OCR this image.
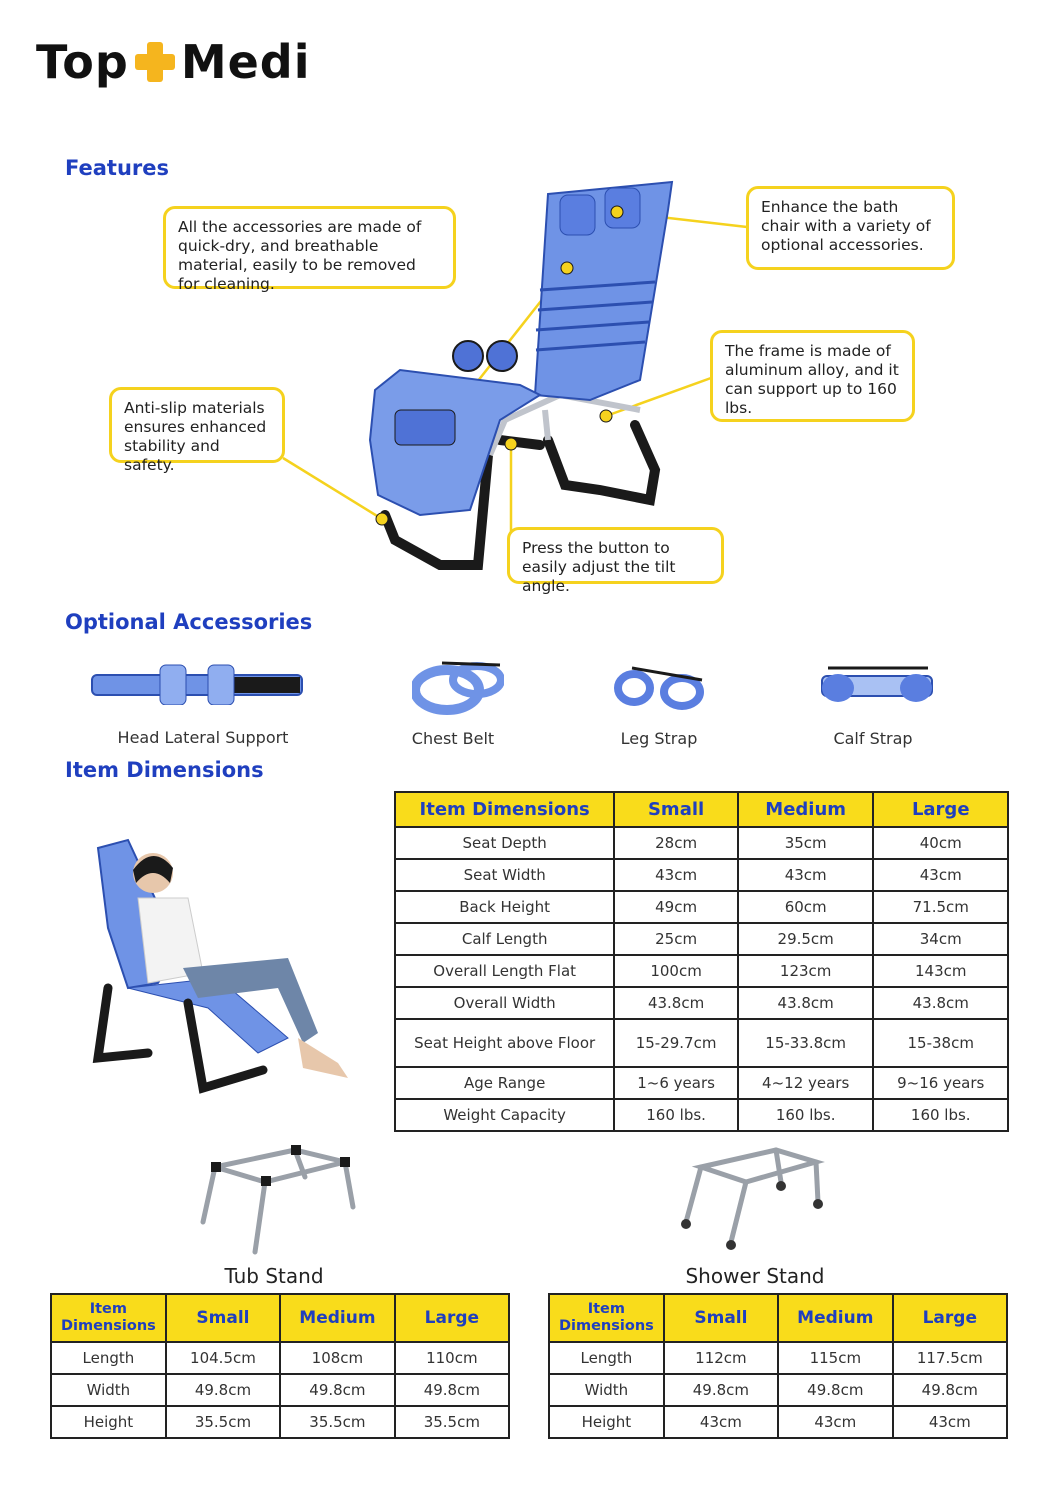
Top Medi
Features
All the accessories are made of quick-dry, and breathable material, easily to be removed for cleaning.
Enhance the bath chair with a variety of optional accessories.
The frame is made of aluminum alloy, and it can support up to 160 lbs.
Anti-slip materials ensures enhanced stability and safety.
Press the button to easily adjust the tilt angle.
Optional Accessories
Head Lateral Support	Chest Belt	Leg Strap	Calf Strap
Item Dimensions
Item Dimensions	Small	Medium	Large
Seat Depth	28cm	35cm	40cm
Seat Width	43cm	43cm	43cm
Back Height	49cm	60cm	71.5cm
Calf Length	25cm	29.5cm	34cm
Overall Length Flat	100cm	123cm	143cm
Overall Width	43.8cm	43.8cm	43.8cm
Seat Height above Floor	15-29.7cm	15-33.8cm	15-38cm
Age Range	1~6 years	4~12 years	9~16 years
Weight Capacity	160 lbs.	160 lbs.	160 lbs.
Tub Stand
Item Dimensions	Small	Medium	Large
Length	104.5cm	108cm	110cm
Width	49.8cm	49.8cm	49.8cm
Height	35.5cm	35.5cm	35.5cm
Shower Stand
Item Dimensions	Small	Medium	Large
Length	112cm	115cm	117.5cm
Width	49.8cm	49.8cm	49.8cm
Height	43cm	43cm	43cm
